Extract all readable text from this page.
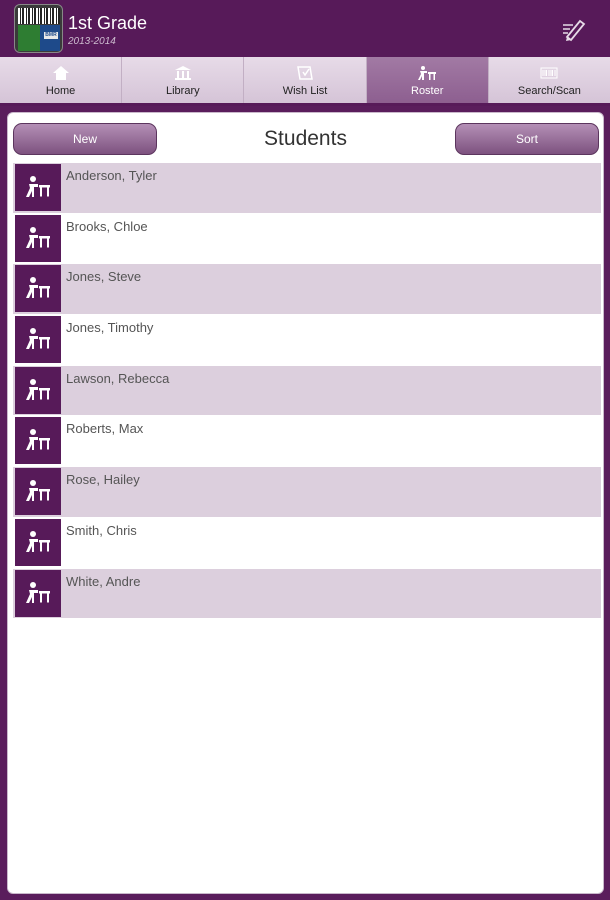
BMR
1st Grade
2013-2014
Home	Library	Wish List	Roster	Search/Scan
New	Students	Sort
Anderson, Tyler
Brooks, Chloe
Jones, Steve
Jones, Timothy
Lawson, Rebecca
Roberts, Max
Rose, Hailey
Smith, Chris
White, Andre
